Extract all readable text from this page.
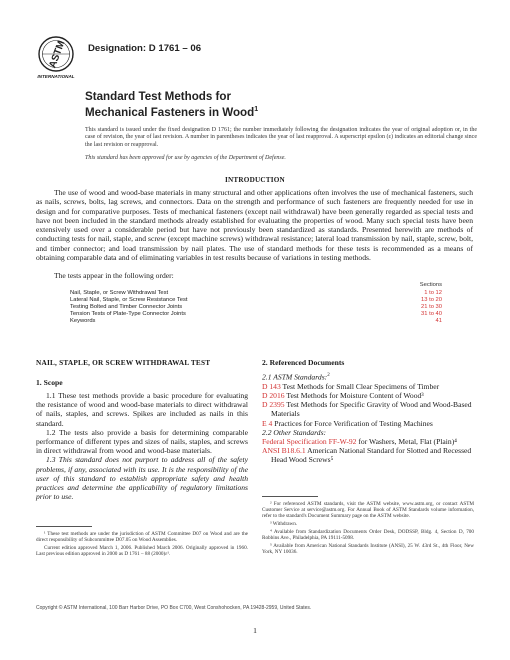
ASTM
INTERNATIONAL
Designation: D 1761 – 06
Standard Test Methods for
Mechanical Fasteners in Wood$^1$
This standard is issued under the fixed designation D 1761; the number immediately following the designation indicates the year of original adoption or, in the case of revision, the year of last revision. A number in parentheses indicates the year of last reapproval. A superscript epsilon (ε) indicates an editorial change since the last revision or reapproval.
This standard has been approved for use by agencies of the Department of Defense.
INTRODUCTION

The use of wood and wood-base materials in many structural and other applications often involves the use of mechanical fasteners, such as nails, screws, bolts, lag screws, and connectors. Data on the strength and performance of such fasteners are frequently needed for use in design and for comparative purposes. Tests of mechanical fasteners (except nail withdrawal) have been generally regarded as special tests and have not been included in the standard methods already established for evaluating the properties of wood. Many such special tests have been extensively used over a considerable period but have not previously been standardized as standards. Presented herewith are methods of conducting tests for nail, staple, and screw (except machine screws) withdrawal resistance; lateral load transmission by nail, staple, screw, bolt, and timber connector; and load transmission by nail plates. The use of standard methods for these tests is recommended as a means of obtaining comparable data and of eliminating variables in test results because of variations in testing methods.

The tests appear in the following order:

Sections
Nail, Staple, or Screw Withdrawal Test	1 to 12
Lateral Nail, Staple, or Screw Resistance Test	13 to 20
Testing Bolted and Timber Connector Joints	21 to 30
Tension Tests of Plate-Type Connector Joints	31 to 40
Keywords	41

NAIL, STAPLE, OR SCREW WITHDRAWAL TEST

1. Scope

1.1 These test methods provide a basic procedure for evaluating the resistance of wood and wood-base materials to direct withdrawal of nails, staples, and screws. Spikes are included as nails in this standard.

1.2 The tests also provide a basis for determining comparable performance of different types and sizes of nails, staples, and screws in direct withdrawal from wood and wood-base materials.

1.3 This standard does not purport to address all of the safety problems, if any, associated with its use. It is the responsibility of the user of this standard to establish appropriate safety and health practices and determine the applicability of regulatory limitations prior to use.

2. Referenced Documents

2.1 ASTM Standards:$^2$

D 143 Test Methods for Small Clear Specimens of Timber

D 2016 Test Methods for Moisture Content of Wood³

D 2395 Test Methods for Specific Gravity of Wood and Wood-Based Materials

E 4 Practices for Force Verification of Testing Machines

2.2 Other Standards:

Federal Specification FF-W-92 for Washers, Metal, Flat (Plain)⁴

ANSI B18.6.1 American National Standard for Slotted and Recessed Head Wood Screws⁵

¹ These test methods are under the jurisdiction of ASTM Committee D07 on Wood and are the direct responsibility of Subcommittee D07.05 on Wood Assemblies.

Current edition approved March 1, 2006. Published March 2006. Originally approved in 1960. Last previous edition approved in 2000 as D 1761 – 88 (2000)ε¹.

² For referenced ASTM standards, visit the ASTM website, www.astm.org, or contact ASTM Customer Service at service@astm.org. For Annual Book of ASTM Standards volume information, refer to the standard's Document Summary page on the ASTM website.

³ Withdrawn.

⁴ Available from Standardization Documents Order Desk, DODSSP, Bldg. 4, Section D, 700 Robbins Ave., Philadelphia, PA 19111-5098.

⁵ Available from American National Standards Institute (ANSI), 25 W. 43rd St., 4th Floor, New York, NY 10036.

Copyright © ASTM International, 100 Barr Harbor Drive, PO Box C700, West Conshohocken, PA 19428-2959, United States.
1
